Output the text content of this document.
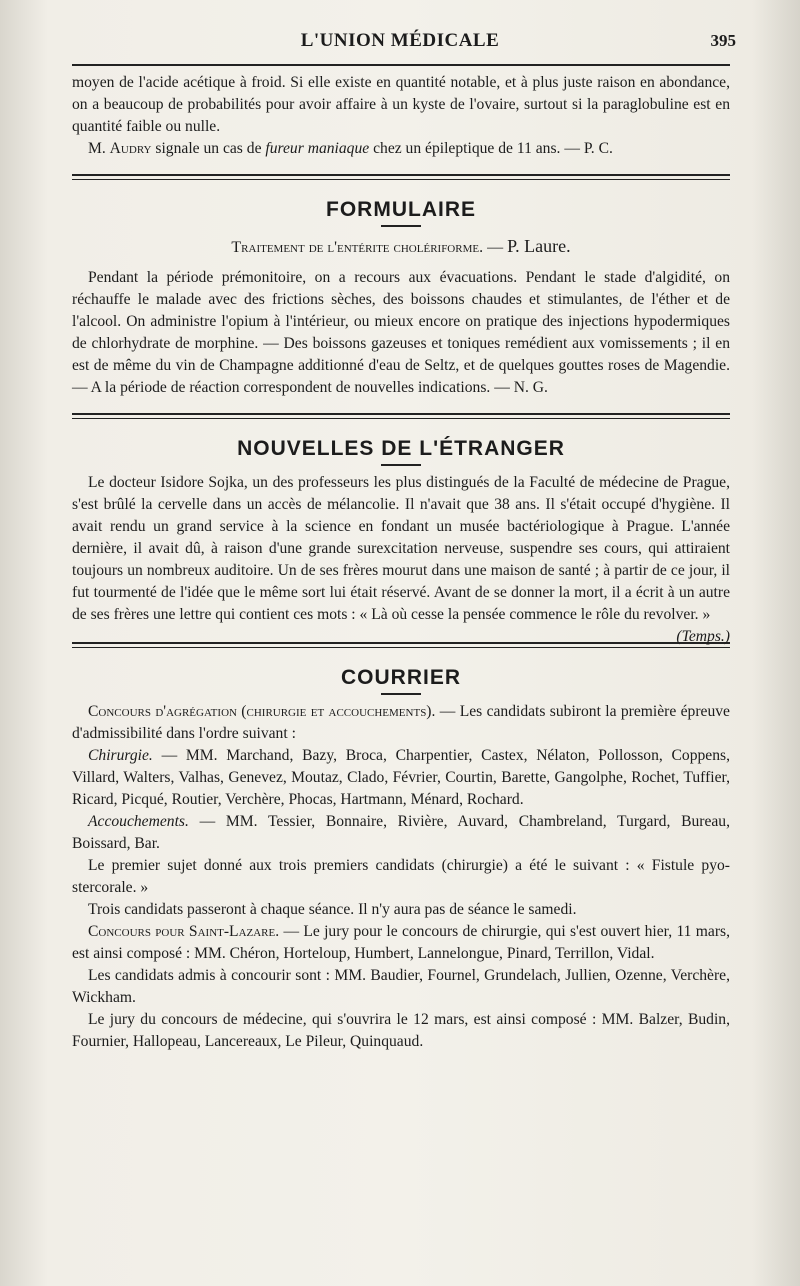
L'UNION MÉDICALE	395

moyen de l'acide acétique à froid. Si elle existe en quantité notable, et à plus juste raison en abondance, on a beaucoup de probabilités pour avoir affaire à un kyste de l'ovaire, surtout si la paraglobuline est en quantité faible ou nulle.

M. Audry signale un cas de fureur maniaque chez un épileptique de 11 ans. — P. C.

FORMULAIRE
Traitement de l'entérite cholériforme. — P. Laure.

Pendant la période prémonitoire, on a recours aux évacuations. Pendant le stade d'algidité, on réchauffe le malade avec des frictions sèches, des boissons chaudes et stimulantes, de l'éther et de l'alcool. On administre l'opium à l'intérieur, ou mieux encore on pratique des injections hypodermiques de chlorhydrate de morphine. — Des boissons gazeuses et toniques remédient aux vomissements ; il en est de même du vin de Champagne additionné d'eau de Seltz, et de quelques gouttes roses de Magendie. — A la période de réaction correspondent de nouvelles indications. — N. G.

NOUVELLES DE L'ÉTRANGER

Le docteur Isidore Sojka, un des professeurs les plus distingués de la Faculté de médecine de Prague, s'est brûlé la cervelle dans un accès de mélancolie. Il n'avait que 38 ans. Il s'était occupé d'hygiène. Il avait rendu un grand service à la science en fondant un musée bactériologique à Prague. L'année dernière, il avait dû, à raison d'une grande surexcitation nerveuse, suspendre ses cours, qui attiraient toujours un nombreux auditoire. Un de ses frères mourut dans une maison de santé ; à partir de ce jour, il fut tourmenté de l'idée que le même sort lui était réservé. Avant de se donner la mort, il a écrit à un autre de ses frères une lettre qui contient ces mots : « Là où cesse la pensée commence le rôle du revolver. »
(Temps.)

COURRIER

Concours d'agrégation (chirurgie et accouchements). — Les candidats subiront la première épreuve d'admissibilité dans l'ordre suivant :

Chirurgie. — MM. Marchand, Bazy, Broca, Charpentier, Castex, Nélaton, Pollosson, Coppens, Villard, Walters, Valhas, Genevez, Moutaz, Clado, Février, Courtin, Barette, Gangolphe, Rochet, Tuffier, Ricard, Picqué, Routier, Verchère, Phocas, Hartmann, Ménard, Rochard.

Accouchements. — MM. Tessier, Bonnaire, Rivière, Auvard, Chambreland, Turgard, Bureau, Boissard, Bar.

Le premier sujet donné aux trois premiers candidats (chirurgie) a été le suivant : « Fistule pyo-stercorale. »

Trois candidats passeront à chaque séance. Il n'y aura pas de séance le samedi.

Concours pour Saint-Lazare. — Le jury pour le concours de chirurgie, qui s'est ouvert hier, 11 mars, est ainsi composé : MM. Chéron, Horteloup, Humbert, Lannelongue, Pinard, Terrillon, Vidal.

Les candidats admis à concourir sont : MM. Baudier, Fournel, Grundelach, Jullien, Ozenne, Verchère, Wickham.

Le jury du concours de médecine, qui s'ouvrira le 12 mars, est ainsi composé : MM. Balzer, Budin, Fournier, Hallopeau, Lancereaux, Le Pileur, Quinquaud.
